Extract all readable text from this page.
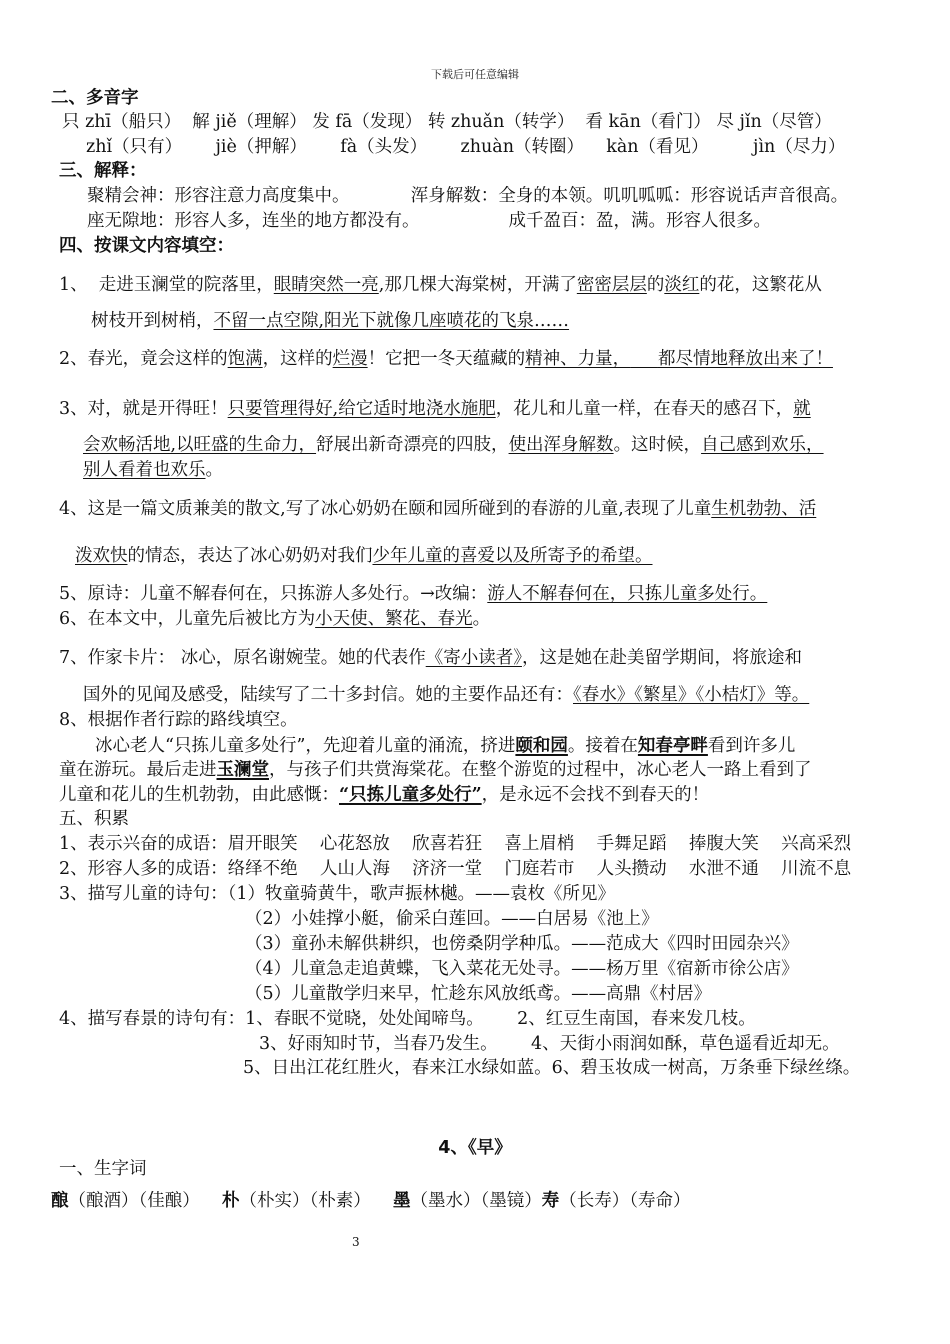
下载后可任意编辑
二、多音字
只 zhī（船只）  解 jiě（理解） 发 fā（发现） 转 zhuǎn（转学）  看 kān（看门） 尽 jǐn（尽管）
zhǐ（只有）      jiè（押解）      fà（头发）      zhuàn（转圈）    kàn（看见）        jìn（尽力）
三、解释：
聚精会神：形容注意力高度集中。           浑身解数：全身的本领。叽叽呱呱：形容说话声音很高。
座无隙地：形容人多，连坐的地方都没有。                成千盈百：盈，满。形容人很多。
四、按课文内容填空：
1、  走进玉澜堂的院落里，眼睛突然一亮,那几棵大海棠树，开满了密密层层的淡红的花，这繁花从
树枝开到树梢，不留一点空隙,阳光下就像几座喷花的飞泉……
2、春光，竟会这样的饱满，这样的烂漫！它把一冬天蕴藏的精神、力量， 都尽情地释放出来了！
3、对，就是开得旺！只要管理得好,给它适时地浇水施肥，花儿和儿童一样，在春天的感召下，就
会欢畅活地,以旺盛的生命力，舒展出新奇漂亮的四肢，使出浑身解数。这时候，自己感到欢乐，
别人看着也欢乐。
4、这是一篇文质兼美的散文,写了冰心奶奶在颐和园所碰到的春游的儿童,表现了儿童生机勃勃、活
泼欢快的情态，表达了冰心奶奶对我们少年儿童的喜爱以及所寄予的希望。
5、原诗：儿童不解春何在，只拣游人多处行。→改编：游人不解春何在，只拣儿童多处行。
6、在本文中，儿童先后被比方为小天使、繁花、春光。
7、作家卡片： 冰心，原名谢婉莹。她的代表作《寄小读者》，这是她在赴美留学期间，将旅途和
国外的见闻及感受，陆续写了二十多封信。她的主要作品还有：《春水》《繁星》《小桔灯》等。
8、根据作者行踪的路线填空。
冰心老人“只拣儿童多处行”，先迎着儿童的涌流，挤进颐和园。接着在知春亭畔看到许多儿
童在游玩。最后走进玉澜堂，与孩子们共赏海棠花。在整个游览的过程中，冰心老人一路上看到了
儿童和花儿的生机勃勃，由此感慨：“只拣儿童多处行”，是永远不会找不到春天的！
五、积累
1、表示兴奋的成语：眉开眼笑    心花怒放    欣喜若狂    喜上眉梢    手舞足蹈    捧腹大笑    兴高采烈
2、形容人多的成语：络绎不绝    人山人海    济济一堂    门庭若市    人头攒动    水泄不通    川流不息
3、描写儿童的诗句：（1）牧童骑黄牛，歌声振林樾。——袁枚《所见》
（2）小娃撑小艇，偷采白莲回。——白居易《池上》
（3）童孙未解供耕织，也傍桑阴学种瓜。——范成大《四时田园杂兴》
（4）儿童急走追黄蝶，飞入菜花无处寻。——杨万里《宿新市徐公店》
（5）儿童散学归来早，忙趁东风放纸鸢。——高鼎《村居》
4、描写春景的诗句有：1、春眠不觉晓，处处闻啼鸟。      2、红豆生南国，春来发几枝。
3、好雨知时节，当春乃发生。      4、天街小雨润如酥，草色遥看近却无。
5、日出江花红胜火，春来江水绿如蓝。6、碧玉妆成一树高，万条垂下绿丝绦。
4、《早》
一、生字词
酿（酿酒）（佳酿）    朴（朴实）（朴素）    墨（墨水）（墨镜）寿（长寿）（寿命）
3
